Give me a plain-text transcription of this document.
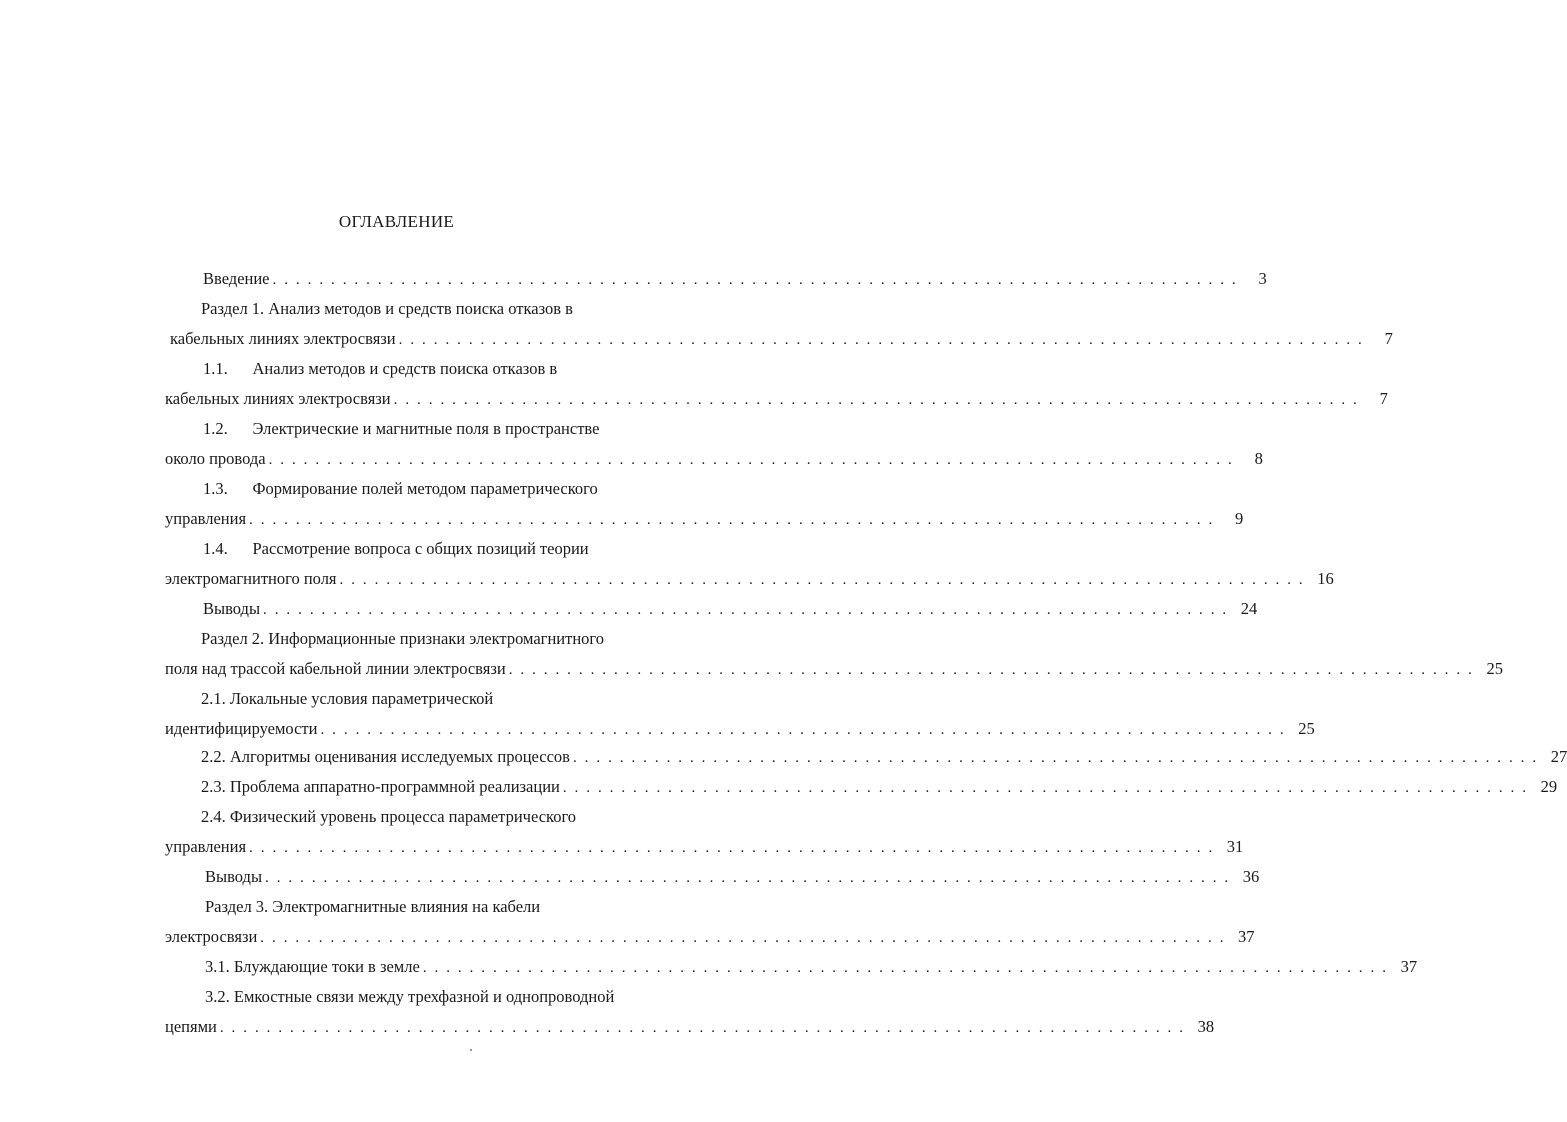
ОГЛАВЛЕНИЕ
Введение . . . . . . . . . . . . . . . . . . . . . . . . . . . . . . . . . . . . . . . . . . . . . . . . . . . . . . . . . . . . . . . . . . . . . . . . . . . . . . . . . . .	3
Раздел 1. Анализ методов и средств поиска отказов в
кабельных линиях электросвязи . . . . . . . . . . . . . . . . . . . . . . . . . . . . . . . . . . . . . . . . . . . . . . . . . . . . . . . . . . . . . . . . . . . . . . . . . . . . . . . . . . .	7
1.1.      Анализ методов и средств поиска отказов в
кабельных линиях электросвязи . . . . . . . . . . . . . . . . . . . . . . . . . . . . . . . . . . . . . . . . . . . . . . . . . . . . . . . . . . . . . . . . . . . . . . . . . . . . . . . . . . .	7
1.2.      Электрические и магнитные поля в пространстве
около провода . . . . . . . . . . . . . . . . . . . . . . . . . . . . . . . . . . . . . . . . . . . . . . . . . . . . . . . . . . . . . . . . . . . . . . . . . . . . . . . . . . .	8
1.3.      Формирование полей методом параметрического
управления . . . . . . . . . . . . . . . . . . . . . . . . . . . . . . . . . . . . . . . . . . . . . . . . . . . . . . . . . . . . . . . . . . . . . . . . . . . . . . . . . . .	9
1.4.      Рассмотрение вопроса с общих позиций теории
электромагнитного поля . . . . . . . . . . . . . . . . . . . . . . . . . . . . . . . . . . . . . . . . . . . . . . . . . . . . . . . . . . . . . . . . . . . . . . . . . . . . . . . . . . . 16
Выводы . . . . . . . . . . . . . . . . . . . . . . . . . . . . . . . . . . . . . . . . . . . . . . . . . . . . . . . . . . . . . . . . . . . . . . . . . . . . . . . . . . . 24
Раздел 2. Информационные признаки электромагнитного
поля над трассой кабельной линии электросвязи . . . . . . . . . . . . . . . . . . . . . . . . . . . . . . . . . . . . . . . . . . . . . . . . . . . . . . . . . . . . . . . . . . . . . . . . . . . . . . . . . . . 25
2.1. Локальные условия параметрической
идентифицируемости . . . . . . . . . . . . . . . . . . . . . . . . . . . . . . . . . . . . . . . . . . . . . . . . . . . . . . . . . . . . . . . . . . . . . . . . . . . . . . . . . . . 25
2.2. Алгоритмы оценивания исследуемых процессов . . . . . . . . . . . . . . . . . . . . . . . . . . . . . . . . . . . . . . . . . . . . . . . . . . . . . . . . . . . . . . . . . . . . . . . . . . . . . . . . . . . 27
2.3. Проблема аппаратно-программной реализации . . . . . . . . . . . . . . . . . . . . . . . . . . . . . . . . . . . . . . . . . . . . . . . . . . . . . . . . . . . . . . . . . . . . . . . . . . . . . . . . . . . 29
2.4. Физический уровень процесса параметрического
управления . . . . . . . . . . . . . . . . . . . . . . . . . . . . . . . . . . . . . . . . . . . . . . . . . . . . . . . . . . . . . . . . . . . . . . . . . . . . . . . . . . . 31
Выводы . . . . . . . . . . . . . . . . . . . . . . . . . . . . . . . . . . . . . . . . . . . . . . . . . . . . . . . . . . . . . . . . . . . . . . . . . . . . . . . . . . . 36
Раздел 3. Электромагнитные влияния на кабели
электросвязи . . . . . . . . . . . . . . . . . . . . . . . . . . . . . . . . . . . . . . . . . . . . . . . . . . . . . . . . . . . . . . . . . . . . . . . . . . . . . . . . . . . 37
3.1. Блуждающие токи в земле . . . . . . . . . . . . . . . . . . . . . . . . . . . . . . . . . . . . . . . . . . . . . . . . . . . . . . . . . . . . . . . . . . . . . . . . . . . . . . . . . . . 37
3.2. Емкостные связи между трехфазной и однопроводной
цепями . . . . . . . . . . . . . . . . . . . . . . . . . . . . . . . . . . . . . . . . . . . . . . . . . . . . . . . . . . . . . . . . . . . . . . . . . . . . . . . . . . . 38
